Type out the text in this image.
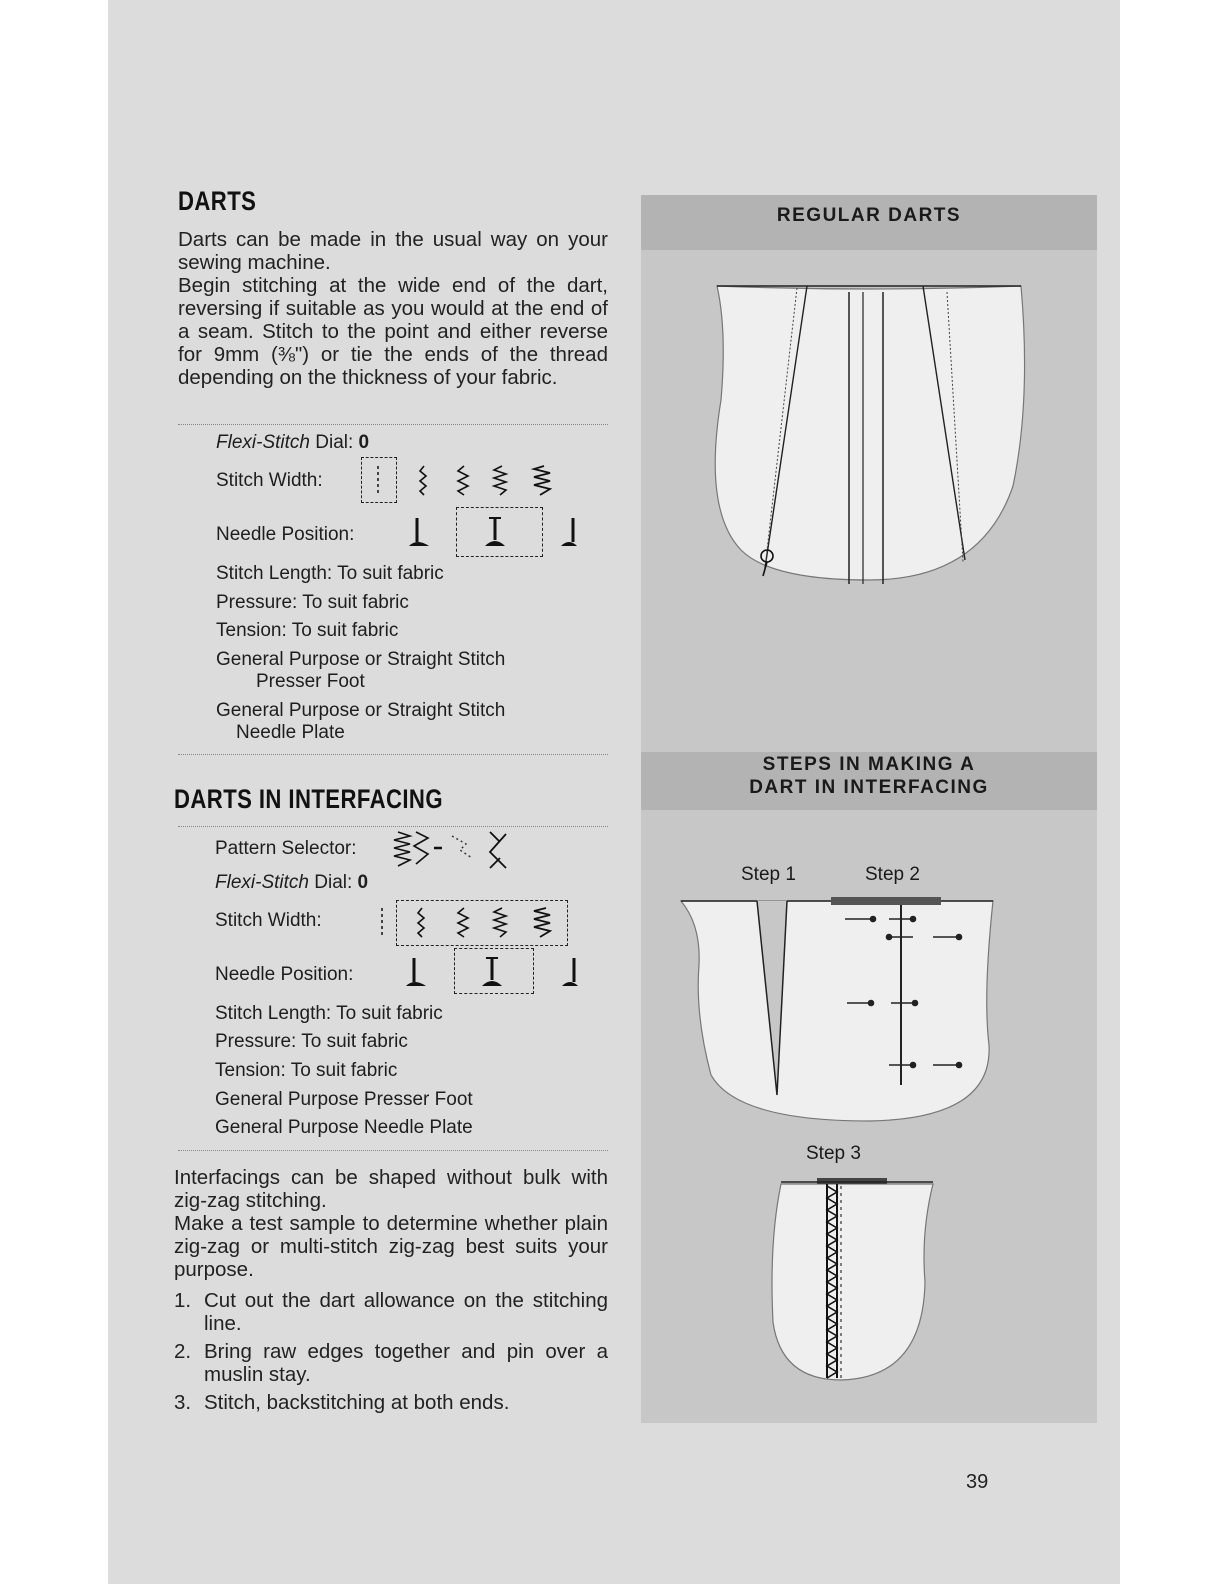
DARTS

Darts can be made in the usual way on your sewing machine.

Begin stitching at the wide end of the dart, reversing if suitable as you would at the end of a seam. Stitch to the point and either reverse for 9mm (⅜") or tie the ends of the thread depending on the thickness of your fabric.

Flexi-Stitch Dial: 0
Stitch Width:
Needle Position:
Stitch Length: To suit fabric
Pressure: To suit fabric
Tension: To suit fabric
General Purpose or Straight Stitch
Presser Foot
General Purpose or Straight Stitch
Needle Plate
DARTS IN INTERFACING
Pattern Selector:
Flexi-Stitch Dial: 0
Stitch Width:
Needle Position:
Stitch Length: To suit fabric
Pressure: To suit fabric
Tension: To suit fabric
General Purpose Presser Foot
General Purpose Needle Plate

Interfacings can be shaped without bulk with zig-zag stitching.

Make a test sample to determine whether plain zig-zag or multi-stitch zig-zag best suits your purpose.

1. Cut out the dart allowance on the stitching line.
2. Bring raw edges together and pin over a muslin stay.
3. Stitch, backstitching at both ends.
REGULAR DARTS
STEPS IN MAKING A
DART IN INTERFACING
Step 1	Step 2
Step 3
39
